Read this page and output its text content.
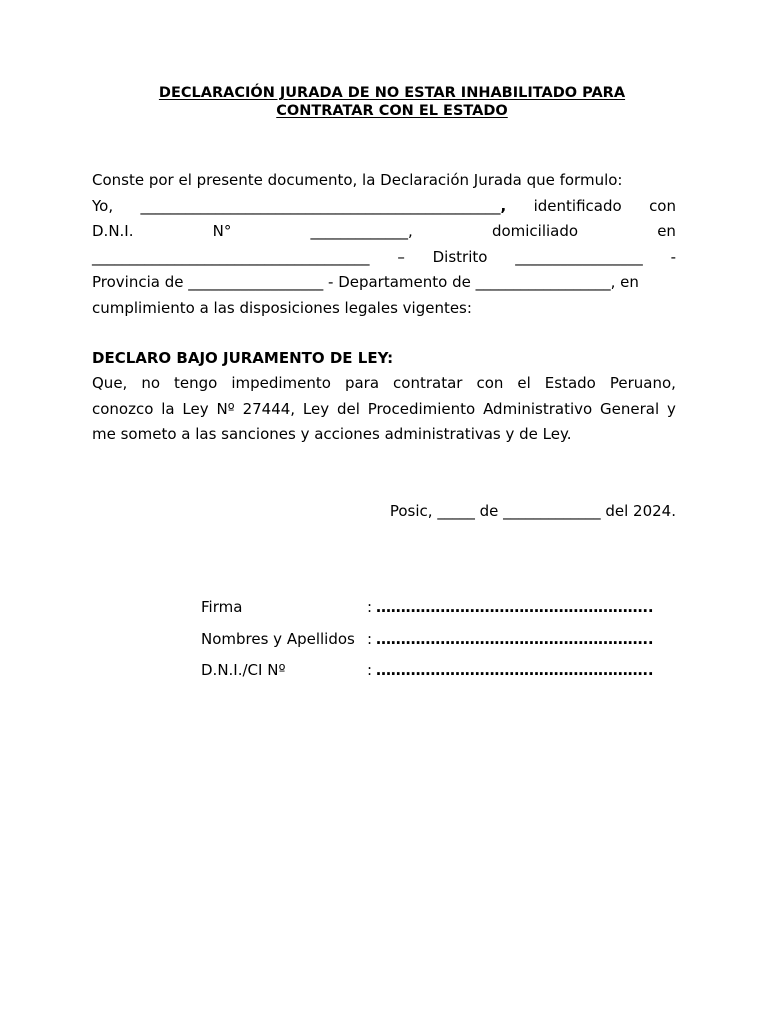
DECLARACIÓN JURADA DE NO ESTAR INHABILITADO PARA
CONTRATAR CON EL ESTADO
Conste por el presente documento, la Declaración Jurada que formulo:
Yo, ________________________________________________, identificado con
D.N.I.	N°	_____________,	domiciliado	en
_____________________________________ – Distrito _________________ -
Provincia de __________________ - Departamento de __________________, en
cumplimiento a las disposiciones legales vigentes:
DECLARO BAJO JURAMENTO DE LEY:
Que, no tengo impedimento para contratar con el Estado Peruano,
conozco la Ley Nº 27444, Ley del Procedimiento Administrativo General y
me someto a las sanciones y acciones administrativas y de Ley.
Posic, _____ de _____________ del 2024.
Firma	: ………………………………………………..
Nombres y Apellidos : ………………………………………………..
D.N.I./CI Nº	: ………………………………………………..
